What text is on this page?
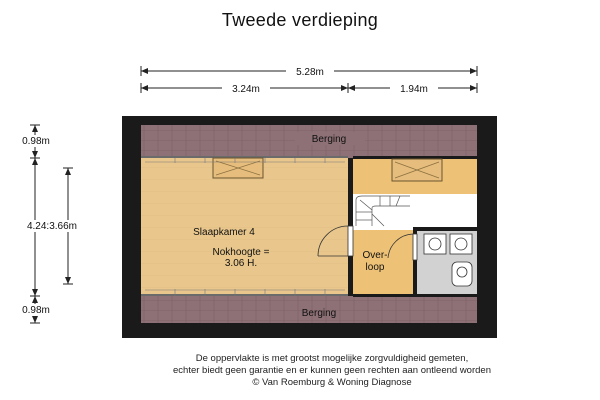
Tweede verdieping
5.28m
3.24m	1.94m
0.98m
4.24:3.66m
0.98m
Berging
Berging
Slaapkamer 4
Nokhoogte =
3.06 H.
Over-
loop
De oppervlakte is met grootst mogelijke zorgvuldigheid gemeten,
echter biedt geen garantie en er kunnen geen rechten aan ontleend worden
© Van Roemburg & Woning Diagnose
